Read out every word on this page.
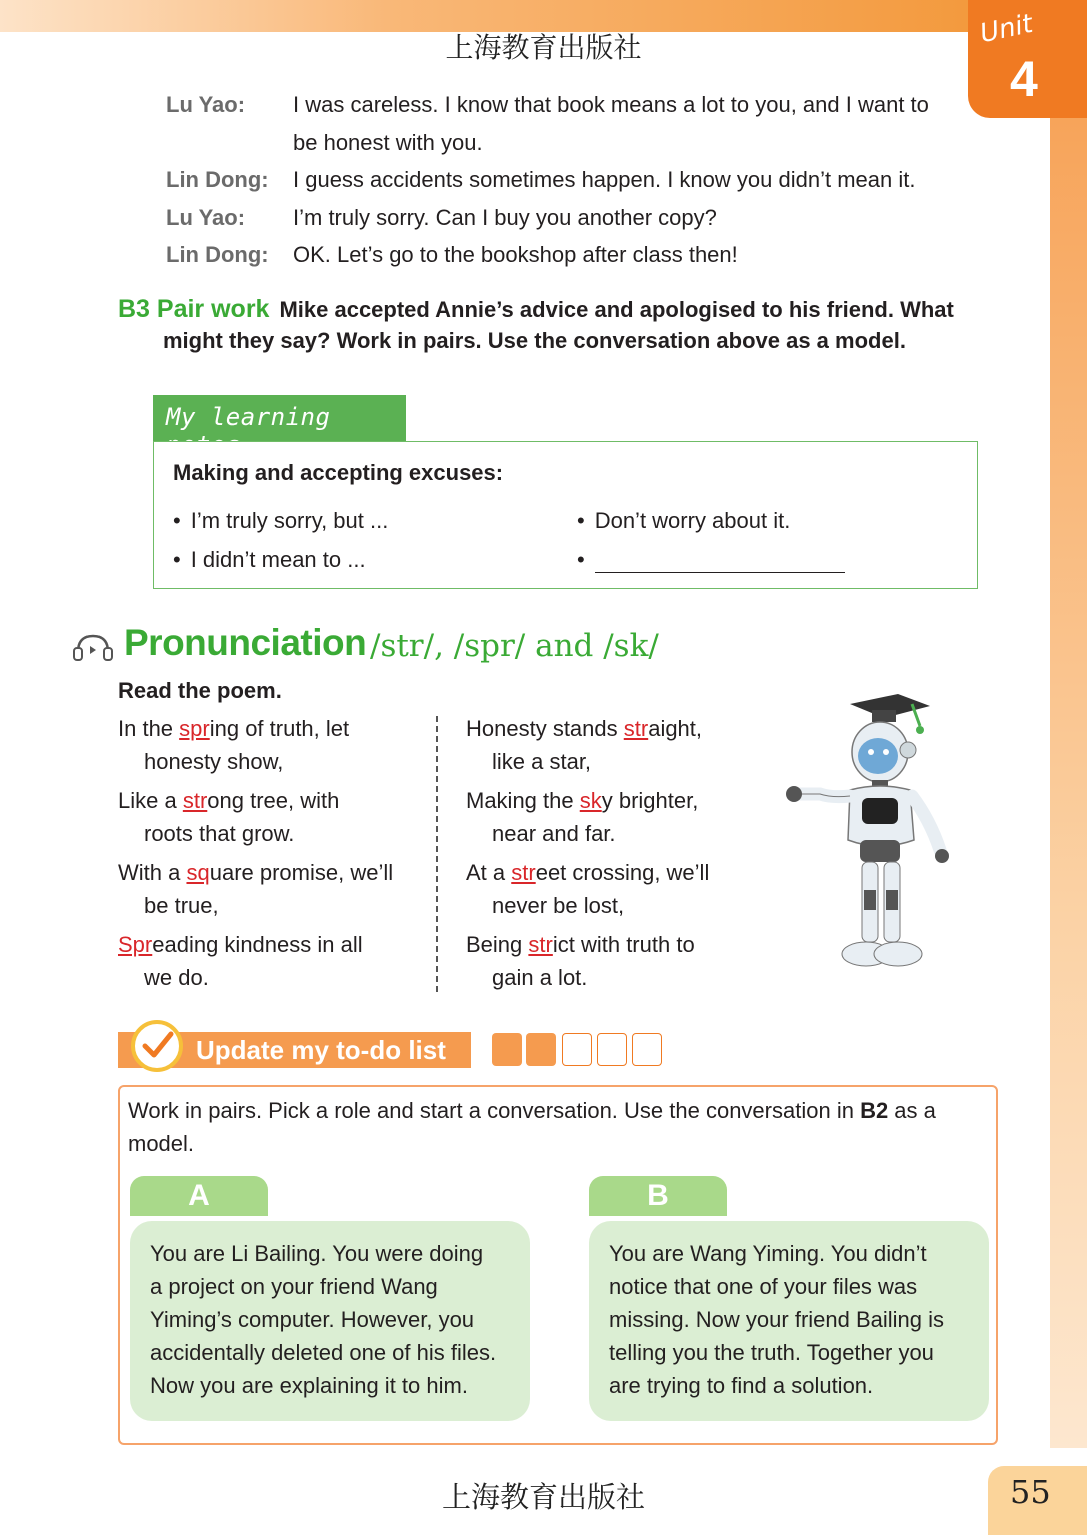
上海教育出版社	Unit
4
Lu Yao:	I was careless. I know that book means a lot to you, and I want to
be honest with you.
Lin Dong:	I guess accidents sometimes happen. I know you didn’t mean it.
Lu Yao:	I’m truly sorry. Can I buy you another copy?
Lin Dong:	OK. Let’s go to the bookshop after class then!
B3 Pair work Mike accepted Annie’s advice and apologised to his friend. What
might they say? Work in pairs. Use the conversation above as a model.
My learning notes
Making and accepting excuses:
• I’m truly sorry, but ...
• I didn’t mean to ...
• Don’t worry about it.
•
Pronunciation /str/, /spr/ and /sk/
Read the poem.
In the spring of truth, let
honesty show,
Like a strong tree, with
roots that grow.
With a square promise, we’ll
be true,
Spreading kindness in all
we do.
Honesty stands straight,
like a star,
Making the sky brighter,
near and far.
At a street crossing, we’ll
never be lost,
Being strict with truth to
gain a lot.
Update my to-do list
Work in pairs. Pick a role and start a conversation. Use the conversation in B2 as a
model.
A
You are Li Bailing. You were doing
a project on your friend Wang
Yiming’s computer. However, you
accidentally deleted one of his files.
Now you are explaining it to him.
B
You are Wang Yiming. You didn’t
notice that one of your files was
missing. Now your friend Bailing is
telling you the truth. Together you
are trying to find a solution.
上海教育出版社	55
